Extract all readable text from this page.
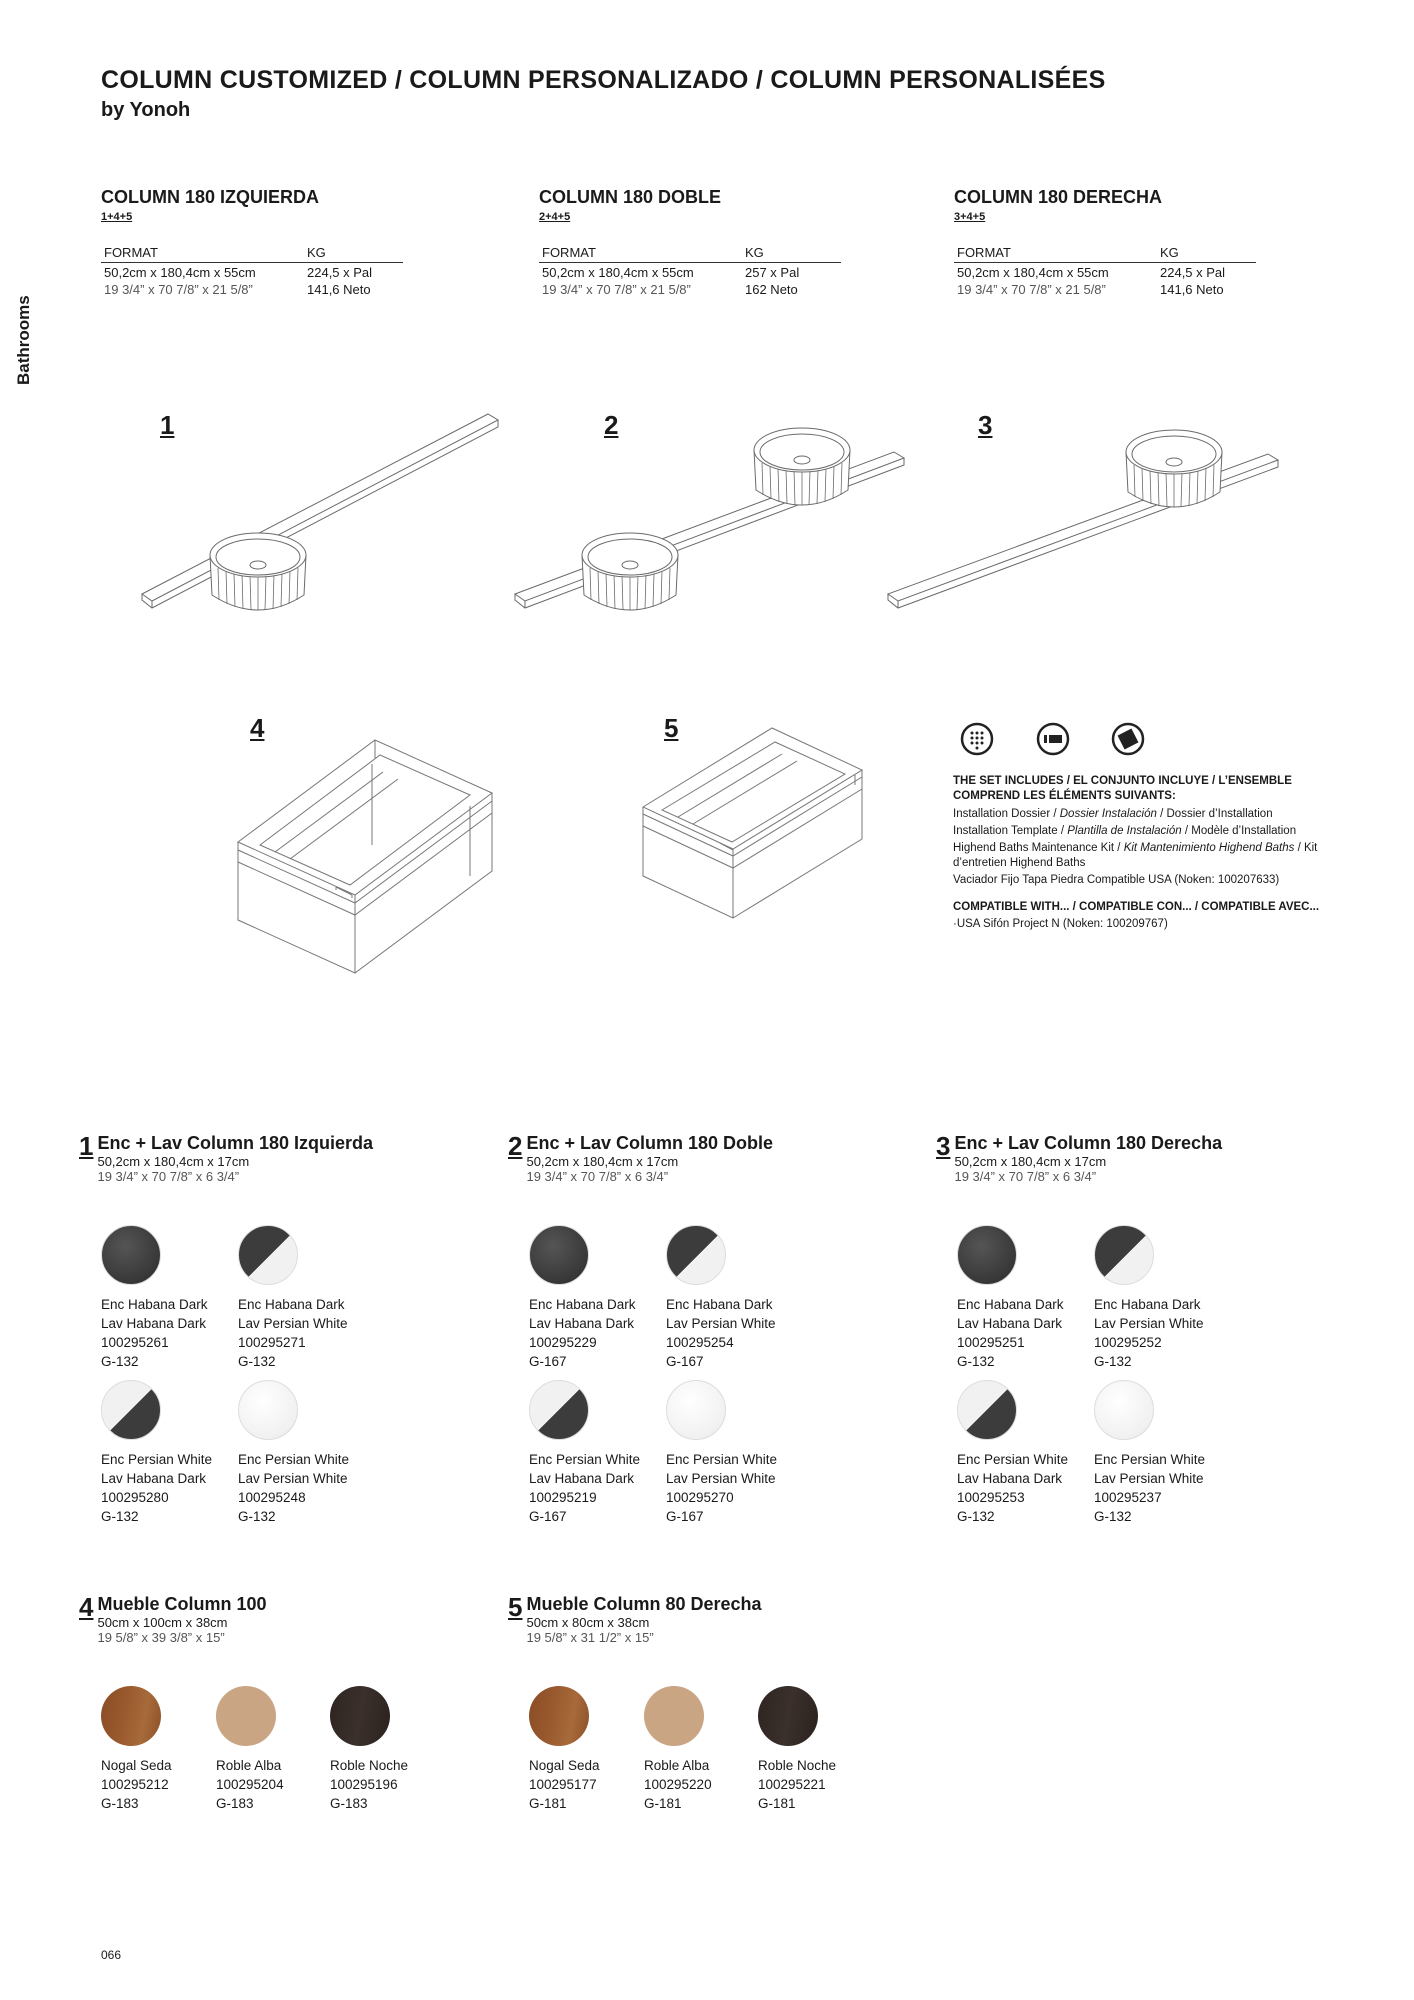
COLUMN CUSTOMIZED / COLUMN PERSONALIZADO / COLUMN PERSONALISÉES
by Yonoh
Bathrooms
COLUMN 180 IZQUIERDA
1+4+5
FORMAT	KG
50,2cm x 180,4cm x 55cm	224,5 x Pal
19 3/4” x 70 7/8” x 21 5/8”	141,6 Neto
COLUMN 180 DOBLE
2+4+5
FORMAT	KG
50,2cm x 180,4cm x 55cm	257 x Pal
19 3/4” x 70 7/8” x 21 5/8”	162 Neto
COLUMN 180 DERECHA
3+4+5
FORMAT	KG
50,2cm x 180,4cm x 55cm	224,5 x Pal
19 3/4” x 70 7/8” x 21 5/8”	141,6 Neto
1	2	3
4	5

THE SET INCLUDES / EL CONJUNTO INCLUYE / L’ENSEMBLE COMPREND LES ÉLÉMENTS SUIVANTS:

Installation Dossier / Dossier Instalación / Dossier d’Installation

Installation Template / Plantilla de Instalación / Modèle d’Installation

Highend Baths Maintenance Kit / Kit Mantenimiento Highend Baths / Kit d’entretien Highend Baths

Vaciador Fijo Tapa Piedra Compatible USA (Noken: 100207633)

COMPATIBLE WITH... / COMPATIBLE CON... / COMPATIBLE AVEC...

·USA Sifón Project N (Noken: 100209767)

1 Enc + Lav Column 180 Izquierda
50,2cm x 180,4cm x 17cm
19 3/4” x 70 7/8” x 6 3/4”
2 Enc + Lav Column 180 Doble
50,2cm x 180,4cm x 17cm
19 3/4” x 70 7/8” x 6 3/4”
3 Enc + Lav Column 180 Derecha
50,2cm x 180,4cm x 17cm
19 3/4” x 70 7/8” x 6 3/4”
4 Mueble Column 100
50cm x 100cm x 38cm
19 5/8” x 39 3/8” x 15”
5 Mueble Column 80 Derecha
50cm x 80cm x 38cm
19 5/8” x 31 1/2” x 15”
Enc Habana Dark
Lav Habana Dark
100295261
G-132
Enc Habana Dark
Lav Persian White
100295271
G-132
Enc Persian White
Lav Habana Dark
100295280
G-132
Enc Persian White
Lav Persian White
100295248
G-132
Enc Habana Dark
Lav Habana Dark
100295229
G-167
Enc Habana Dark
Lav Persian White
100295254
G-167
Enc Persian White
Lav Habana Dark
100295219
G-167
Enc Persian White
Lav Persian White
100295270
G-167
Enc Habana Dark
Lav Habana Dark
100295251
G-132
Enc Habana Dark
Lav Persian White
100295252
G-132
Enc Persian White
Lav Habana Dark
100295253
G-132
Enc Persian White
Lav Persian White
100295237
G-132
Nogal Seda
100295212
G-183
Roble Alba
100295204
G-183
Roble Noche
100295196
G-183
Nogal Seda
100295177
G-181
Roble Alba
100295220
G-181
Roble Noche
100295221
G-181
066
